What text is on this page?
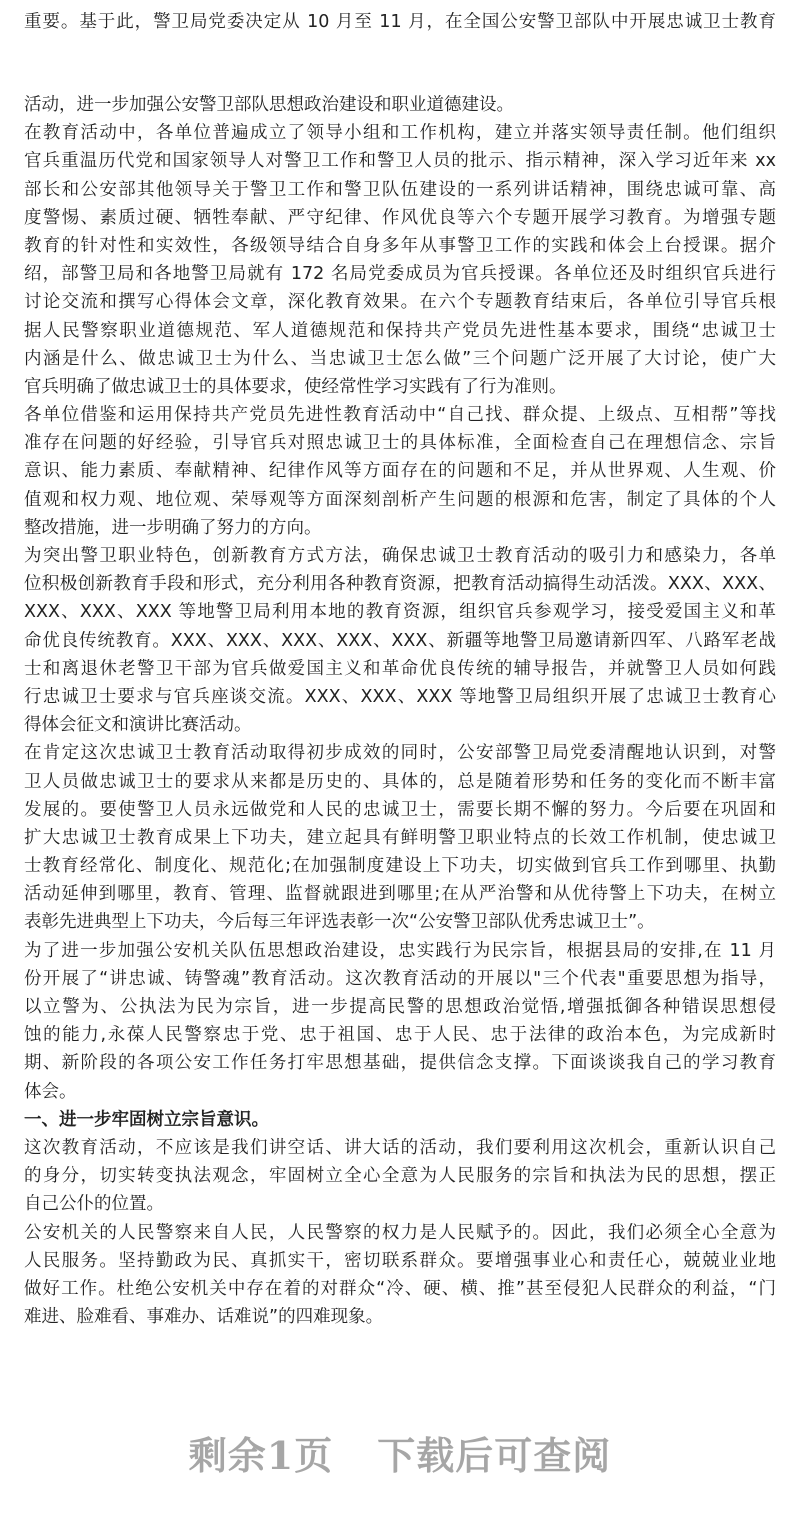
重要。基于此，警卫局党委决定从 10 月至 11 月，在全国公安警卫部队中开展忠诚卫士教育
活动，进一步加强公安警卫部队思想政治建设和职业道德建设。
在教育活动中，各单位普遍成立了领导小组和工作机构，建立并落实领导责任制。他们组织
官兵重温历代党和国家领导人对警卫工作和警卫人员的批示、指示精神，深入学习近年来 xx
部长和公安部其他领导关于警卫工作和警卫队伍建设的一系列讲话精神，围绕忠诚可靠、高
度警惕、素质过硬、牺牲奉献、严守纪律、作风优良等六个专题开展学习教育。为增强专题
教育的针对性和实效性，各级领导结合自身多年从事警卫工作的实践和体会上台授课。据介
绍，部警卫局和各地警卫局就有 172 名局党委成员为官兵授课。各单位还及时组织官兵进行
讨论交流和撰写心得体会文章，深化教育效果。在六个专题教育结束后，各单位引导官兵根
据人民警察职业道德规范、军人道德规范和保持共产党员先进性基本要求，围绕“忠诚卫士
内涵是什么、做忠诚卫士为什么、当忠诚卫士怎么做”三个问题广泛开展了大讨论，使广大
官兵明确了做忠诚卫士的具体要求，使经常性学习实践有了行为准则。
各单位借鉴和运用保持共产党员先进性教育活动中“自己找、群众提、上级点、互相帮”等找
准存在问题的好经验，引导官兵对照忠诚卫士的具体标准，全面检查自己在理想信念、宗旨
意识、能力素质、奉献精神、纪律作风等方面存在的问题和不足，并从世界观、人生观、价
值观和权力观、地位观、荣辱观等方面深刻剖析产生问题的根源和危害，制定了具体的个人
整改措施，进一步明确了努力的方向。
为突出警卫职业特色，创新教育方式方法，确保忠诚卫士教育活动的吸引力和感染力，各单
位积极创新教育手段和形式，充分利用各种教育资源，把教育活动搞得生动活泼。XXX、XXX、
XXX、XXX、XXX 等地警卫局利用本地的教育资源，组织官兵参观学习，接受爱国主义和革
命优良传统教育。XXX、XXX、XXX、XXX、XXX、新疆等地警卫局邀请新四军、八路军老战
士和离退休老警卫干部为官兵做爱国主义和革命优良传统的辅导报告，并就警卫人员如何践
行忠诚卫士要求与官兵座谈交流。XXX、XXX、XXX 等地警卫局组织开展了忠诚卫士教育心
得体会征文和演讲比赛活动。
在肯定这次忠诚卫士教育活动取得初步成效的同时，公安部警卫局党委清醒地认识到，对警
卫人员做忠诚卫士的要求从来都是历史的、具体的，总是随着形势和任务的变化而不断丰富
发展的。要使警卫人员永远做党和人民的忠诚卫士，需要长期不懈的努力。今后要在巩固和
扩大忠诚卫士教育成果上下功夫，建立起具有鲜明警卫职业特点的长效工作机制，使忠诚卫
士教育经常化、制度化、规范化;在加强制度建设上下功夫，切实做到官兵工作到哪里、执勤
活动延伸到哪里，教育、管理、监督就跟进到哪里;在从严治警和从优待警上下功夫，在树立
表彰先进典型上下功夫，今后每三年评选表彰一次“公安警卫部队优秀忠诚卫士”。
为了进一步加强公安机关队伍思想政治建设，忠实践行为民宗旨，根据县局的安排,在 11 月
份开展了“讲忠诚、铸警魂”教育活动。这次教育活动的开展以"三个代表"重要思想为指导，
以立警为、公执法为民为宗旨，进一步提高民警的思想政治觉悟,增强抵御各种错误思想侵
蚀的能力,永葆人民警察忠于党、忠于祖国、忠于人民、忠于法律的政治本色，为完成新时
期、新阶段的各项公安工作任务打牢思想基础，提供信念支撑。下面谈谈我自己的学习教育
体会。
一、进一步牢固树立宗旨意识。
这次教育活动，不应该是我们讲空话、讲大话的活动，我们要利用这次机会，重新认识自己
的身分，切实转变执法观念，牢固树立全心全意为人民服务的宗旨和执法为民的思想，摆正
自己公仆的位置。
公安机关的人民警察来自人民，人民警察的权力是人民赋予的。因此，我们必须全心全意为
人民服务。坚持勤政为民、真抓实干，密切联系群众。要增强事业心和责任心，兢兢业业地
做好工作。杜绝公安机关中存在着的对群众“冷、硬、横、推”甚至侵犯人民群众的利益，“门
难进、脸难看、事难办、话难说”的四难现象。
剩余1页 下载后可查阅
